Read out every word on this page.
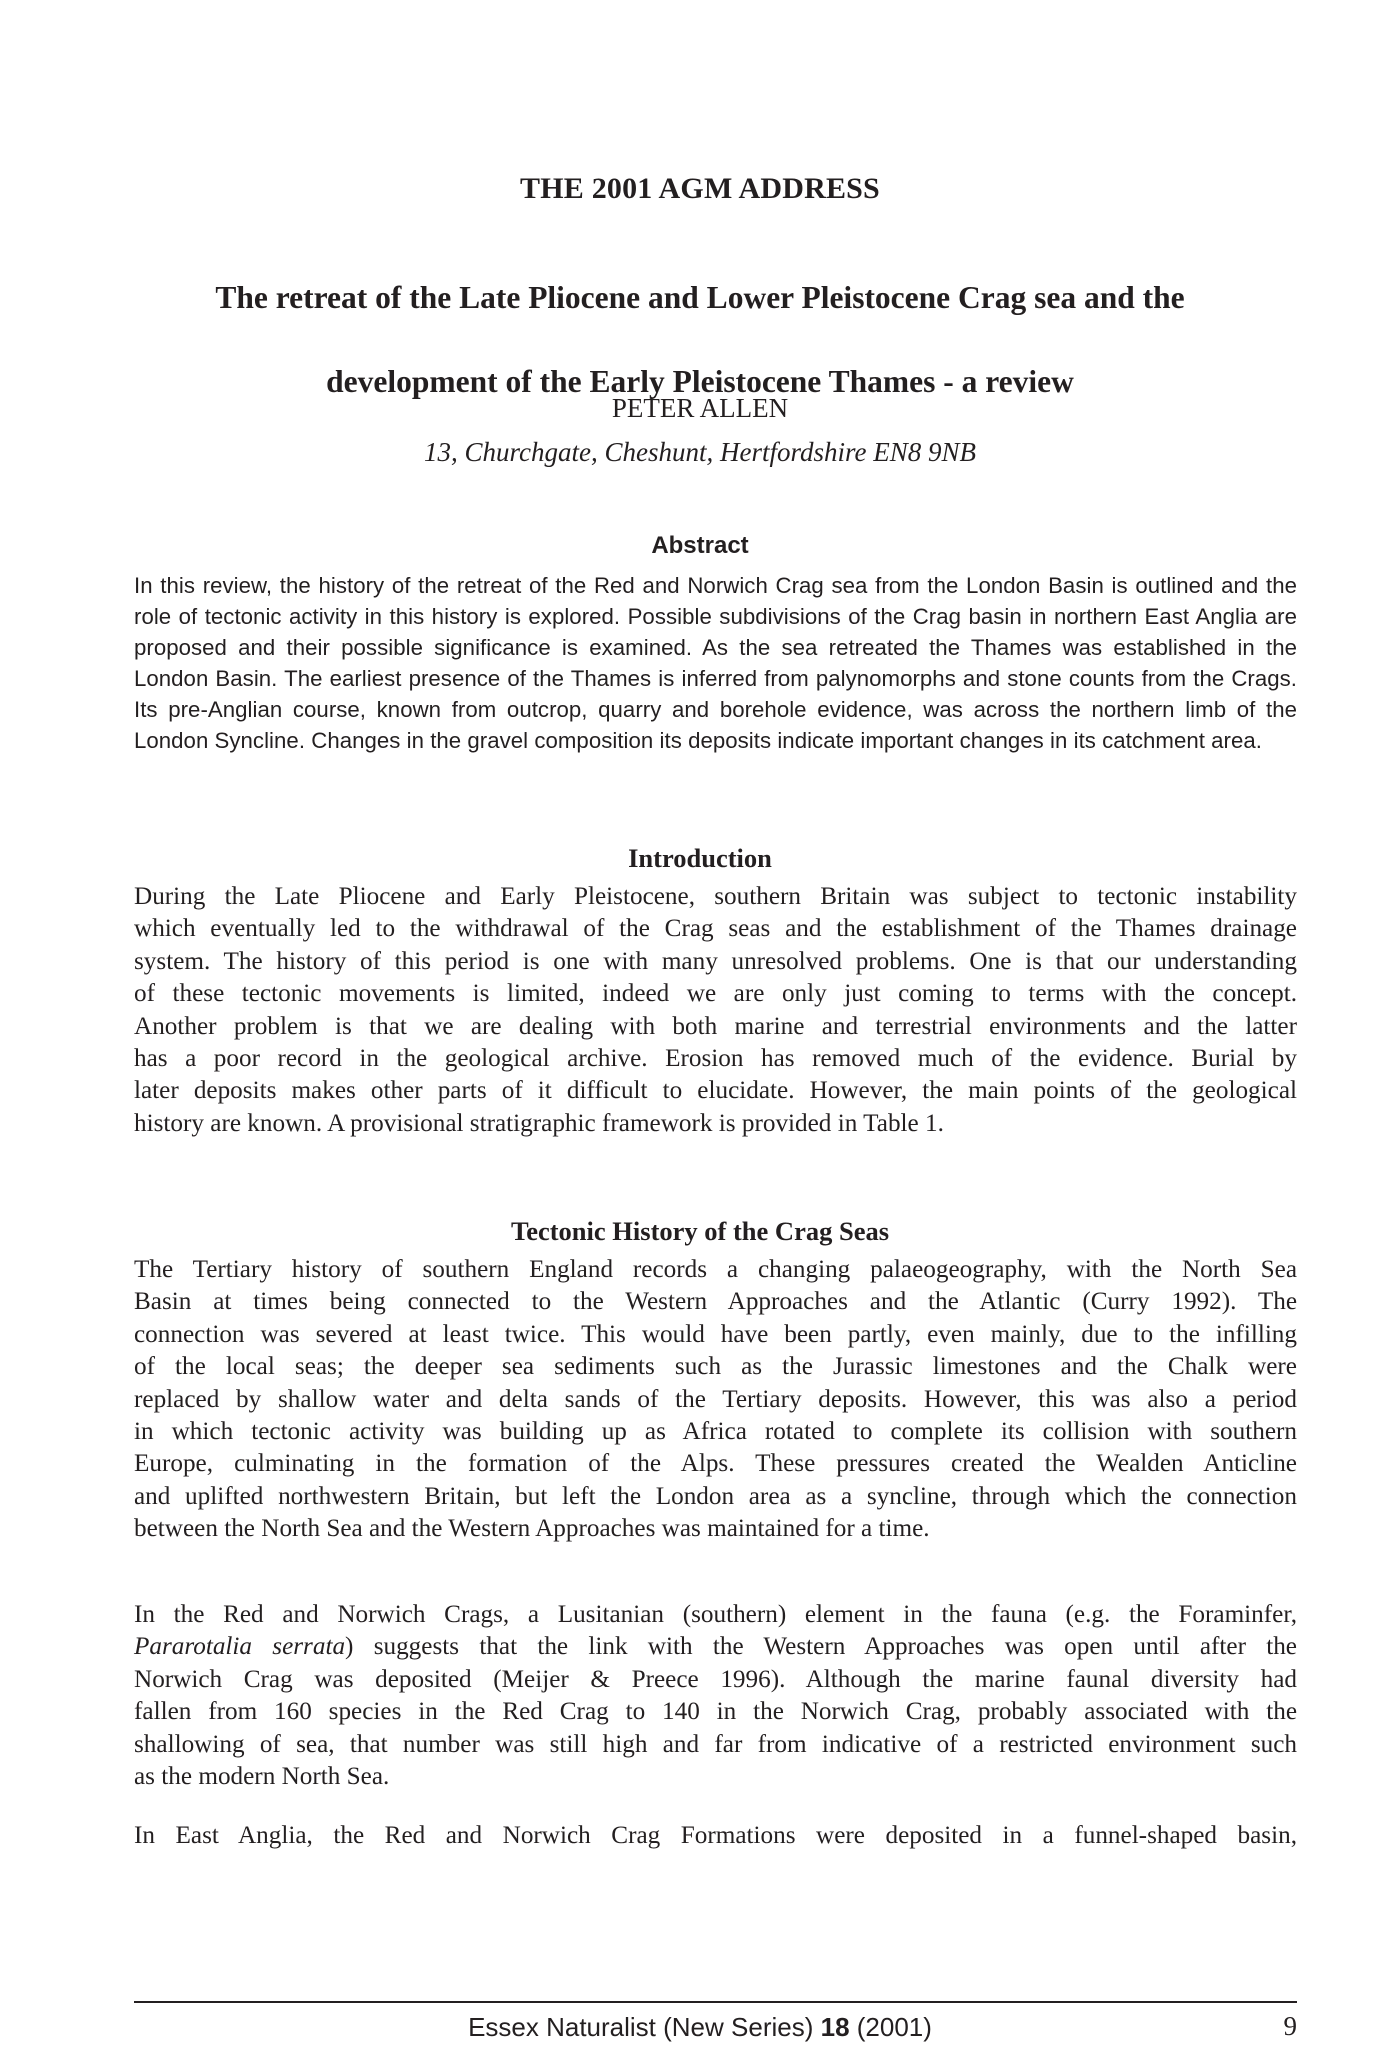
THE 2001 AGM ADDRESS
The retreat of the Late Pliocene and Lower Pleistocene Crag sea and the
development of the Early Pleistocene Thames - a review
PETER ALLEN
13, Churchgate, Cheshunt, Hertfordshire EN8 9NB
Abstract
In this review, the history of the retreat of the Red and Norwich Crag sea from the London Basin is outlined and the role of tectonic activity in this history is explored. Possible subdivisions of the Crag basin in northern East Anglia are proposed and their possible significance is examined. As the sea retreated the Thames was established in the London Basin. The earliest presence of the Thames is inferred from palynomorphs and stone counts from the Crags. Its pre-Anglian course, known from outcrop, quarry and borehole evidence, was across the northern limb of the London Syncline. Changes in the gravel composition its deposits indicate important changes in its catchment area.
Introduction
During the Late Pliocene and Early Pleistocene, southern Britain was subject to tectonic instability
which eventually led to the withdrawal of the Crag seas and the establishment of the Thames drainage
system. The history of this period is one with many unresolved problems. One is that our understanding
of these tectonic movements is limited, indeed we are only just coming to terms with the concept.
Another problem is that we are dealing with both marine and terrestrial environments and the latter
has a poor record in the geological archive. Erosion has removed much of the evidence. Burial by
later deposits makes other parts of it difficult to elucidate. However, the main points of the geological
history are known. A provisional stratigraphic framework is provided in Table 1.
Tectonic History of the Crag Seas
The Tertiary history of southern England records a changing palaeogeography, with the North Sea
Basin at times being connected to the Western Approaches and the Atlantic (Curry 1992). The
connection was severed at least twice. This would have been partly, even mainly, due to the infilling
of the local seas; the deeper sea sediments such as the Jurassic limestones and the Chalk were
replaced by shallow water and delta sands of the Tertiary deposits. However, this was also a period
in which tectonic activity was building up as Africa rotated to complete its collision with southern
Europe, culminating in the formation of the Alps. These pressures created the Wealden Anticline
and uplifted northwestern Britain, but left the London area as a syncline, through which the connection
between the North Sea and the Western Approaches was maintained for a time.
In the Red and Norwich Crags, a Lusitanian (southern) element in the fauna (e.g. the Foraminfer,
Pararotalia serrata) suggests that the link with the Western Approaches was open until after the
Norwich Crag was deposited (Meijer & Preece 1996). Although the marine faunal diversity had
fallen from 160 species in the Red Crag to 140 in the Norwich Crag, probably associated with the
shallowing of sea, that number was still high and far from indicative of a restricted environment such
as the modern North Sea.
In East Anglia, the Red and Norwich Crag Formations were deposited in a funnel-shaped basin,
Essex Naturalist (New Series) 18 (2001)	9
